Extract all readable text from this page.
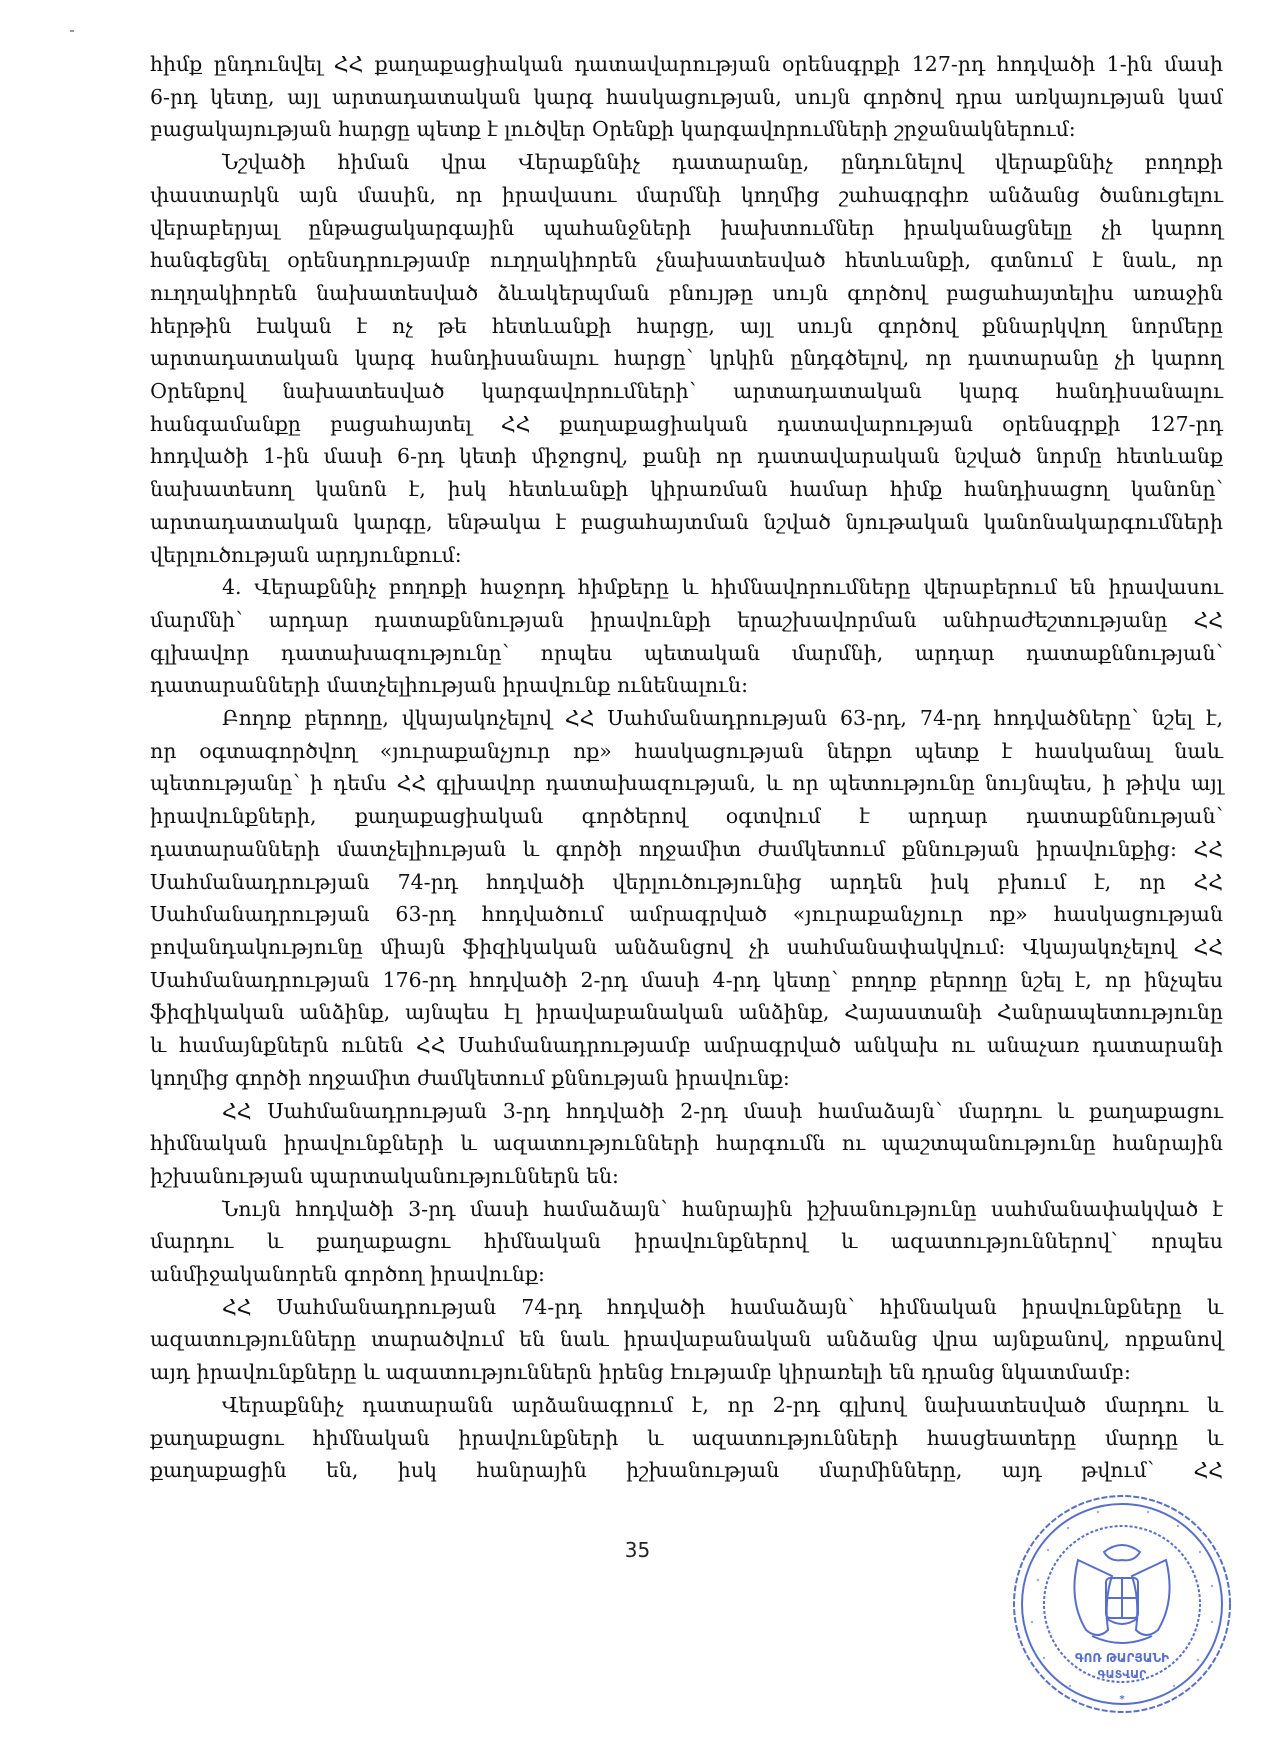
հիմք ընդունվել ՀՀ քաղաքացիական դատավարության օրենսգրքի 127-րդ հոդվածի 1-ին մասի
6-րդ կետը, այլ արտադատական կարգ հասկացության, սույն գործով դրա առկայության կամ
բացակայության հարցը պետք է լուծվեր Օրենքի կարգավորումների շրջանակներում:

Նշվածի հիման վրա Վերաքննիչ դատարանը, ընդունելով վերաքննիչ բողոքի
փաստարկն այն մասին, որ իրավասու մարմնի կողմից շահագրգիռ անձանց ծանուցելու
վերաբերյալ ընթացակարգային պահանջների խախտումներ իրականացնելը չի կարող
հանգեցնել օրենսդրությամբ ուղղակիորեն չնախատեսված հետևանքի, գտնում է նաև, որ
ուղղակիորեն նախատեսված ձևակերպման բնույթը սույն գործով բացահայտելիս առաջին
հերթին էական է ոչ թե հետևանքի հարցը, այլ սույն գործով քննարկվող նորմերը
արտադատական կարգ հանդիսանալու հարցը՝ կրկին ընդգծելով, որ դատարանը չի կարող
Օրենքով նախատեսված կարգավորումների՝ արտադատական կարգ հանդիսանալու
հանգամանքը բացահայտել ՀՀ քաղաքացիական դատավարության օրենսգրքի 127-րդ
հոդվածի 1-ին մասի 6-րդ կետի միջոցով, քանի որ դատավարական նշված նորմը հետևանք
նախատեսող կանոն է, իսկ հետևանքի կիրառման համար հիմք հանդիսացող կանոնը՝
արտադատական կարգը, ենթակա է բացահայտման նշված նյութական կանոնակարգումների
վերլուծության արդյունքում:

4. Վերաքննիչ բողոքի հաջորդ հիմքերը և հիմնավորումները վերաբերում են իրավասու
մարմնի՝ արդար դատաքննության իրավունքի երաշխավորման անհրաժեշտությանը ՀՀ
գլխավոր դատախազությունը՝ որպես պետական մարմնի, արդար դատաքննության՝
դատարանների մատչելիության իրավունք ունենալուն:

Բողոք բերողը, վկայակոչելով ՀՀ Սահմանադրության 63-րդ, 74-րդ հոդվածները՝ նշել է,
որ օգտագործվող «յուրաքանչյուր ոք» հասկացության ներքո պետք է հասկանալ նաև
պետությանը՝ ի դեմս ՀՀ գլխավոր դատախազության, և որ պետությունը նույնպես, ի թիվս այլ
իրավունքների, քաղաքացիական գործերով օգտվում է արդար դատաքննության՝
դատարանների մատչելիության և գործի ողջամիտ ժամկետում քննության իրավունքից: ՀՀ
Սահմանադրության 74-րդ հոդվածի վերլուծությունից արդեն իսկ բխում է, որ ՀՀ
Սահմանադրության 63-րդ հոդվածում ամրագրված «յուրաքանչյուր ոք» հասկացության
բովանդակությունը միայն ֆիզիկական անձանցով չի սահմանափակվում: Վկայակոչելով ՀՀ
Սահմանադրության 176-րդ հոդվածի 2-րդ մասի 4-րդ կետը՝ բողոք բերողը նշել է, որ ինչպես
ֆիզիկական անձինք, այնպես էլ իրավաբանական անձինք, Հայաստանի Հանրապետությունը
և համայնքներն ունեն ՀՀ Սահմանադրությամբ ամրագրված անկախ ու անաչառ դատարանի
կողմից գործի ողջամիտ ժամկետում քննության իրավունք:

ՀՀ Սահմանադրության 3-րդ հոդվածի 2-րդ մասի համաձայն՝ մարդու և քաղաքացու
հիմնական իրավունքների և ազատությունների հարգումն ու պաշտպանությունը հանրային
իշխանության պարտականություններն են:

Նույն հոդվածի 3-րդ մասի համաձայն՝ հանրային իշխանությունը սահմանափակված է
մարդու և քաղաքացու հիմնական իրավունքներով և ազատություններով՝ որպես
անմիջականորեն գործող իրավունք:

ՀՀ Սահմանադրության 74-րդ հոդվածի համաձայն՝ հիմնական իրավունքները և
ազատությունները տարածվում են նաև իրավաբանական անձանց վրա այնքանով, որքանով
այդ իրավունքները և ազատություններն իրենց էությամբ կիրառելի են դրանց նկատմամբ:

Վերաքննիչ դատարանն արձանագրում է, որ 2-րդ գլխով նախատեսված մարդու և
քաղաքացու հիմնական իրավունքների և ազատությունների հասցեատերը մարդը և
քաղաքացին են, իսկ հանրային իշխանության մարմինները, այդ թվում՝ ՀՀ

35
ԳՈՌ ԹԱՐՅԱՆԻ
ԳԱՏՎԱՐ
*
